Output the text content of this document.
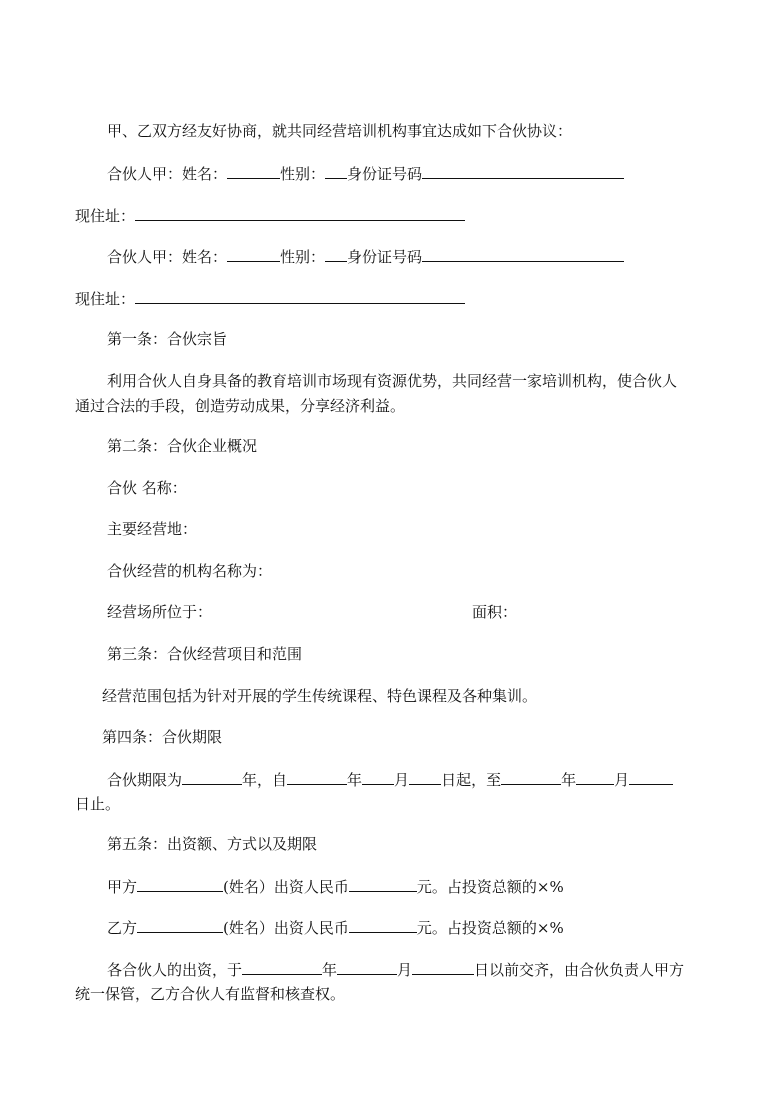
甲、乙双方经友好协商，就共同经营培训机构事宜达成如下合伙协议：
合伙人甲：姓名：	性别： 身份证号码
现住址：
合伙人甲：姓名：	性别： 身份证号码
现住址：
第一条：合伙宗旨
利用合伙人自身具备的教育培训市场现有资源优势，共同经营一家培训机构，使合伙人
通过合法的手段，创造劳动成果，分享经济利益。
第二条：合伙企业概况
合伙 名称：
主要经营地：
合伙经营的机构名称为：
经营场所位于：	面积：
第三条：合伙经营项目和范围
经营范围包括为针对开展的学生传统课程、特色课程及各种集训。
第四条：合伙期限
合伙期限为	年，自	年 月 日起，至	年	月
日止。
第五条：出资额、方式以及期限
甲方	(姓名）出资人民币	元。占投资总额的×%
乙方	(姓名）出资人民币	元。占投资总额的×%
各合伙人的出资，于	年	月	日以前交齐，由合伙负责人甲方
统一保管，乙方合伙人有监督和核查权。
